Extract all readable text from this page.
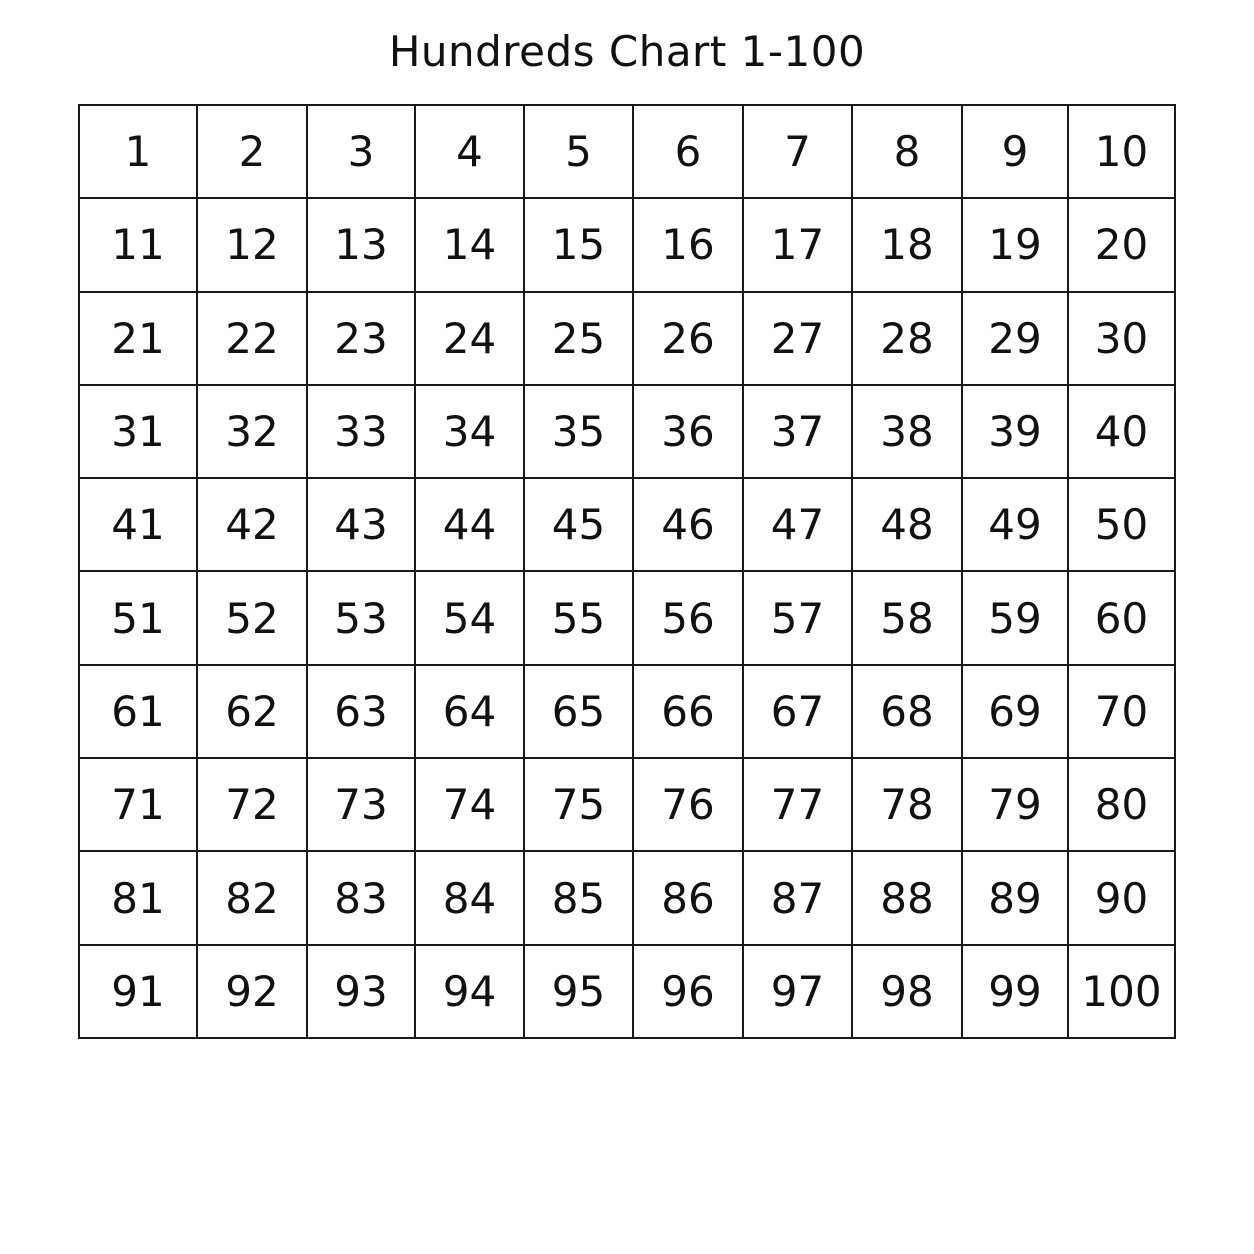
Hundreds Chart 1-100
1	2	3	4	5	6	7	8	9	10
11	12	13	14	15	16	17	18	19	20
21	22	23	24	25	26	27	28	29	30
31	32	33	34	35	36	37	38	39	40
41	42	43	44	45	46	47	48	49	50
51	52	53	54	55	56	57	58	59	60
61	62	63	64	65	66	67	68	69	70
71	72	73	74	75	76	77	78	79	80
81	82	83	84	85	86	87	88	89	90
91	92	93	94	95	96	97	98	99	100
